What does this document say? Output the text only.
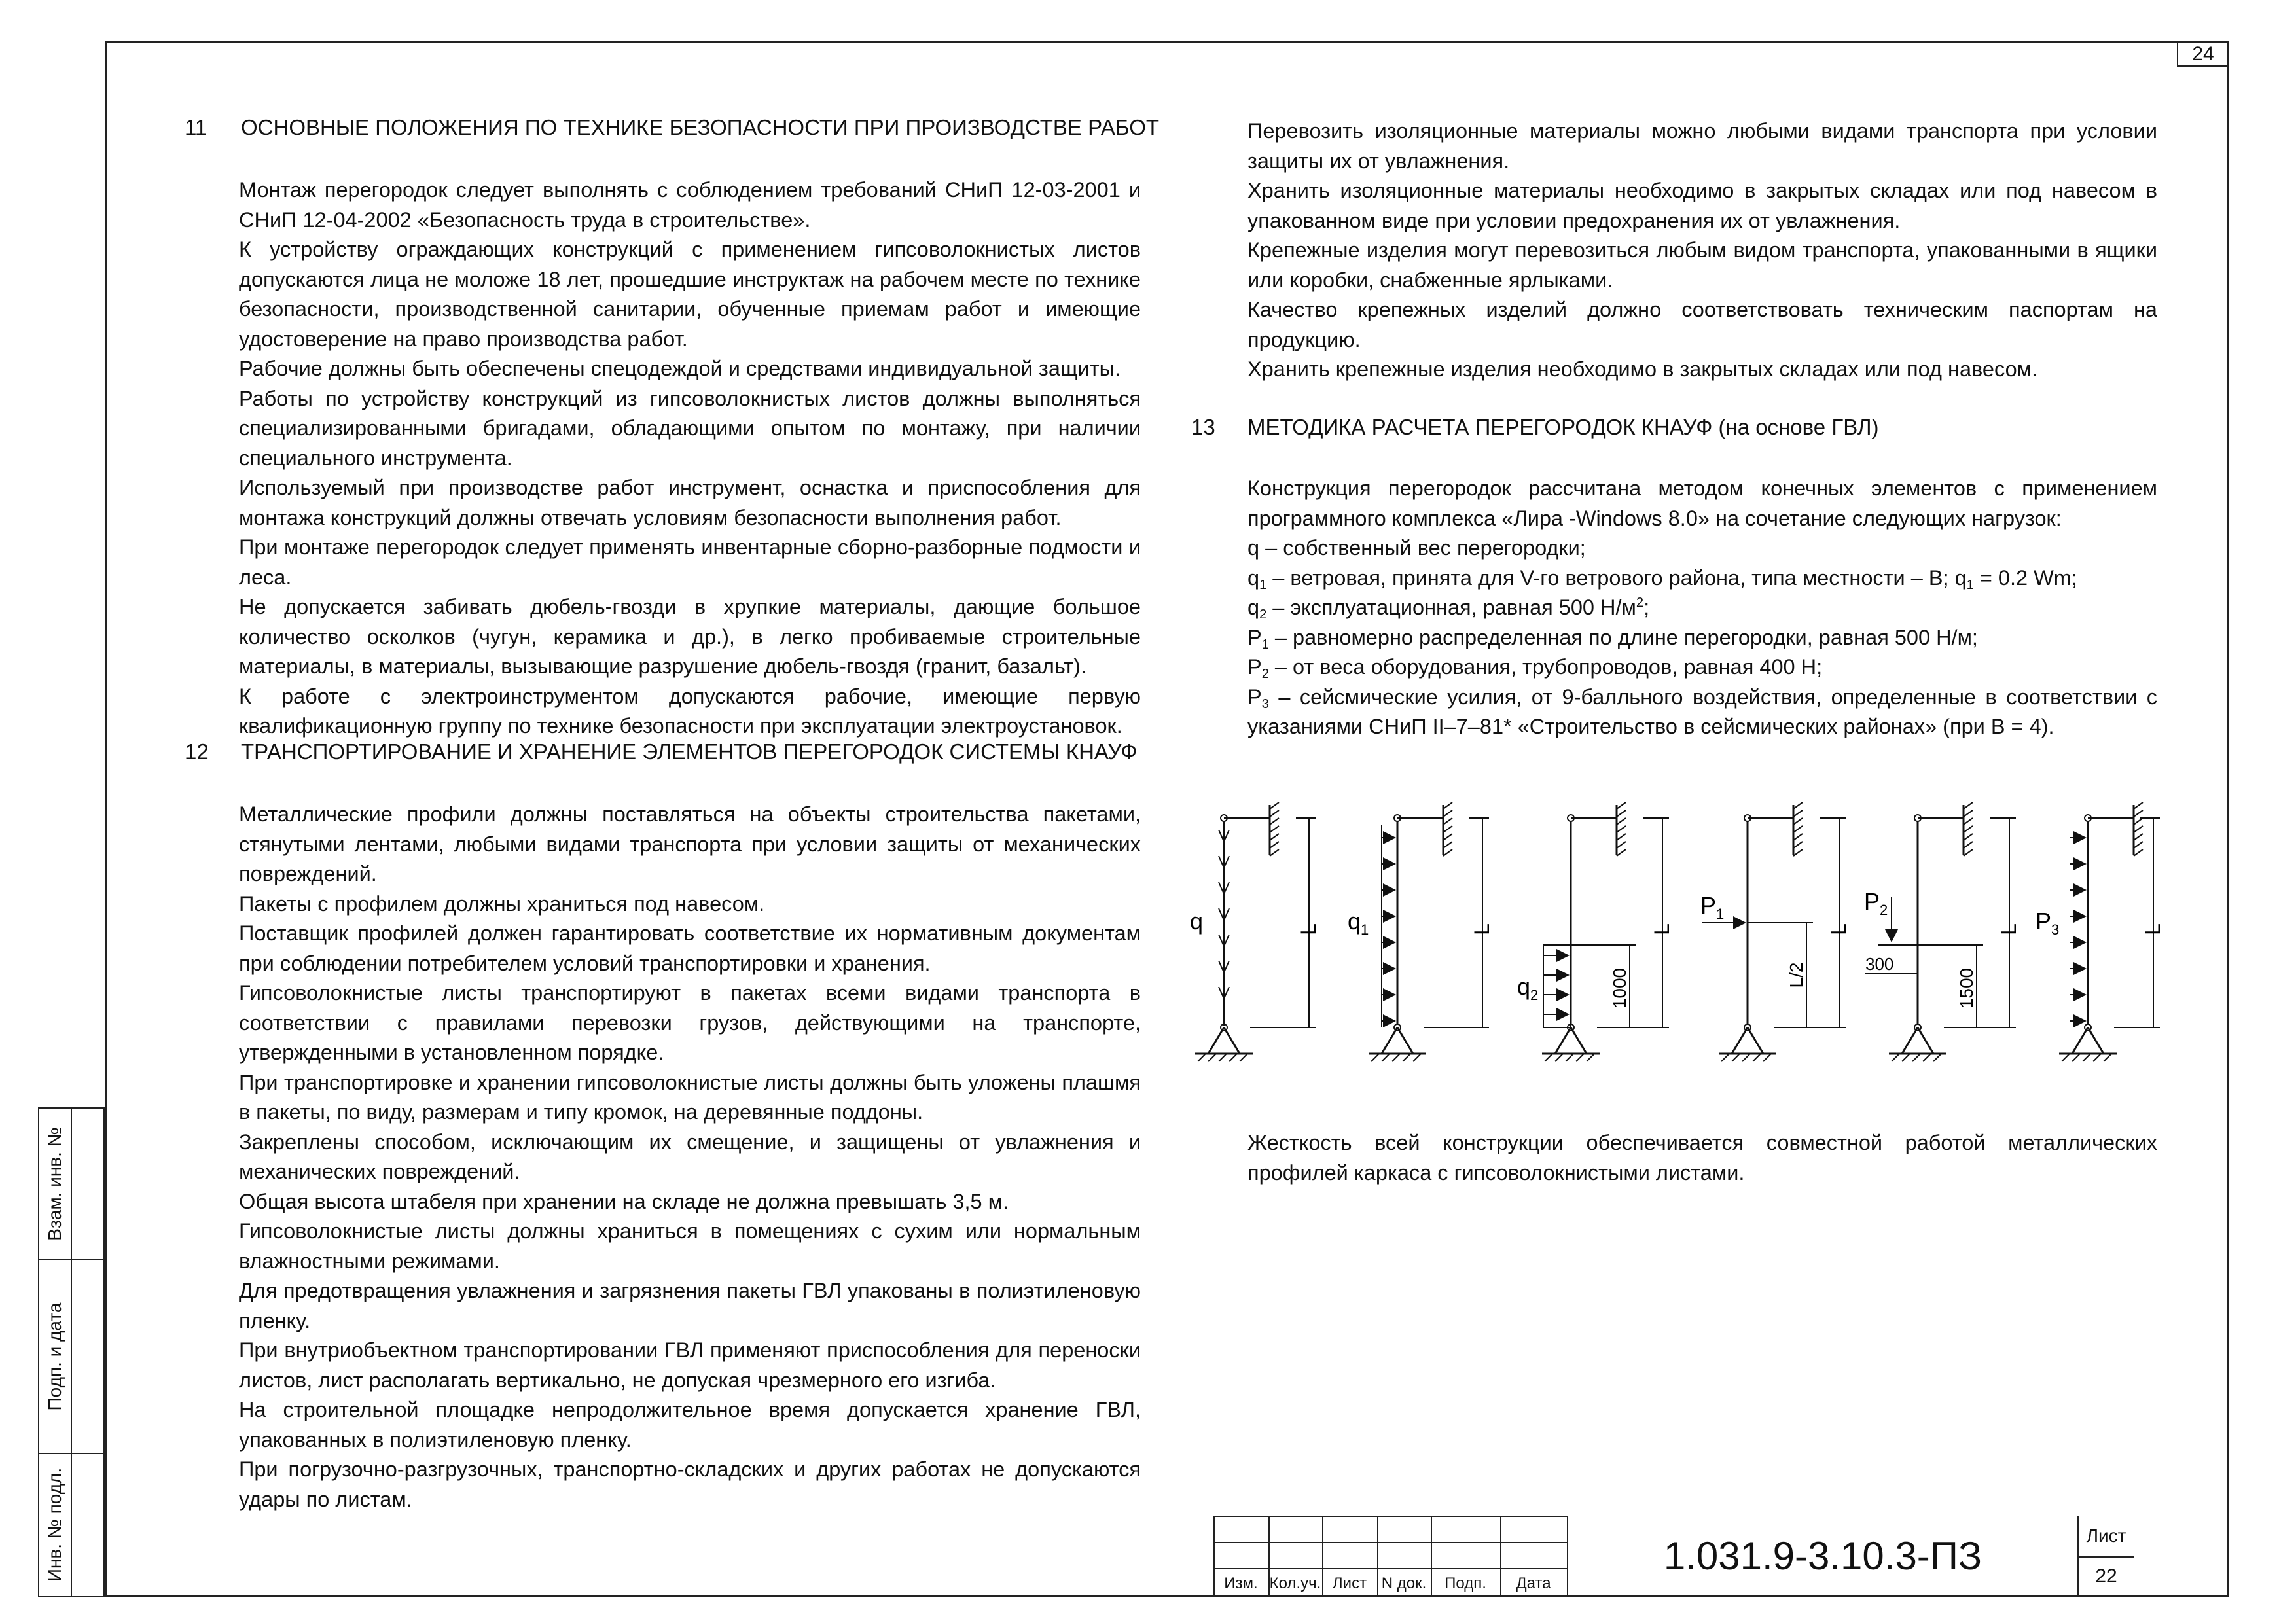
24
Взам. инв. №
Подп. и дата
Инв. № подл.
11 ОСНОВНЫЕ ПОЛОЖЕНИЯ ПО ТЕХНИКЕ БЕЗОПАСНОСТИ ПРИ ПРОИЗВОДСТВЕ РАБОТ

Монтаж перегородок следует выполнять с соблюдением требований СНиП 12-03-2001 и СНиП 12-04-2002 «Безопасность труда в строительстве».

К устройству ограждающих конструкций с применением гипсоволокнистых листов допускаются лица не моложе 18 лет, прошедшие инструктаж на рабочем месте по технике безопасности, производственной санитарии, обученные приемам работ и имеющие удостоверение на право производства работ.

Рабочие должны быть обеспечены спецодеждой и средствами индивидуальной защиты.

Работы по устройству конструкций из гипсоволокнистых листов должны выполняться специализированными бригадами, обладающими опытом по монтажу, при наличии специального инструмента.

Используемый при производстве работ инструмент, оснастка и приспособления для монтажа конструкций должны отвечать условиям безопасности выполнения работ.

При монтаже перегородок следует применять инвентарные сборно-разборные подмости и леса.

Не допускается забивать дюбель-гвозди в хрупкие материалы, дающие большое количество осколков (чугун, керамика и др.), в легко пробиваемые строительные материалы, в материалы, вызывающие разрушение дюбель-гвоздя (гранит, базальт).

К работе с электроинструментом допускаются рабочие, имеющие первую квалификационную группу по технике безопасности при эксплуатации электроустановок.

12 ТРАНСПОРТИРОВАНИЕ И ХРАНЕНИЕ ЭЛЕМЕНТОВ ПЕРЕГОРОДОК СИСТЕМЫ КНАУФ

Металлические профили должны поставляться на объекты строительства пакетами, стянутыми лентами, любыми видами транспорта при условии защиты от механических повреждений.

Пакеты с профилем должны храниться под навесом.

Поставщик профилей должен гарантировать соответствие их нормативным документам при соблюдении потребителем условий транспортировки и хранения.

Гипсоволокнистые листы транспортируют в пакетах всеми видами транспорта в соответствии с правилами перевозки грузов, действующими на транспорте, утвержденными в установленном порядке.

При транспортировке и хранении гипсоволокнистые листы должны быть уложены плашмя в пакеты, по виду, размерам и типу кромок, на деревянные поддоны.

Закреплены способом, исключающим их смещение, и защищены от увлажнения и механических повреждений.

Общая высота штабеля при хранении на складе не должна превышать 3,5 м.

Гипсоволокнистые листы должны храниться в помещениях с сухим или нормальным влажностными режимами.

Для предотвращения увлажнения и загрязнения пакеты ГВЛ упакованы в полиэтиленовую пленку.

При внутриобъектном транспортировании ГВЛ применяют приспособления для переноски листов, лист располагать вертикально, не допуская чрезмерного его изгиба.

На строительной площадке непродолжительное время допускается хранение ГВЛ, упакованных в полиэтиленовую пленку.

При погрузочно-разгрузочных, транспортно-складских и других работах не допускаются удары по листам.

Перевозить изоляционные материалы можно любыми видами транспорта при условии защиты их от увлажнения.

Хранить изоляционные материалы необходимо в закрытых складах или под навесом в упакованном виде при условии предохранения их от увлажнения.

Крепежные изделия могут перевозиться любым видом транспорта, упакованными в ящики или коробки, снабженные ярлыками.

Качество крепежных изделий должно соответствовать техническим паспортам на продукцию.

Хранить крепежные изделия необходимо в закрытых складах или под навесом.

13 МЕТОДИКА РАСЧЕТА ПЕРЕГОРОДОК КНАУФ (на основе ГВЛ)

Конструкция перегородок рассчитана методом конечных элементов с применением программного комплекса «Лира -Windows 8.0» на сочетание следующих нагрузок:

q – собственный вес перегородки;

$q_1$ – ветровая, принята для V-го ветрового района, типа местности – В; $q_1 = 0.2$ Wm;

$q_2$ – эксплуатационная, равная 500 $Н/м^2$;

$P_1$ – равномерно распределенная по длине перегородки, равная 500 Н/м;

$P_2$ – от веса оборудования, трубопроводов, равная 400 Н;

$P_3$ – сейсмические усилия, от 9-балльного воздействия, определенные в соответствии с указаниями СНиП II–7–81* «Строительство в сейсмических районах» (при В = 4).

q	L $q_1$	L
$q_2$	1000
L
$P_1$
L/2
L
$P_2$
300
1500
L $P_3$	L

Жесткость всей конструкции обеспечивается совместной работой металлических профилей каркаса с гипсоволокнистыми листами.

Изм. Кол.уч. Лист N док.	Подп.	Дата
1.031.9-3.10.3-ПЗ	Лист
22
